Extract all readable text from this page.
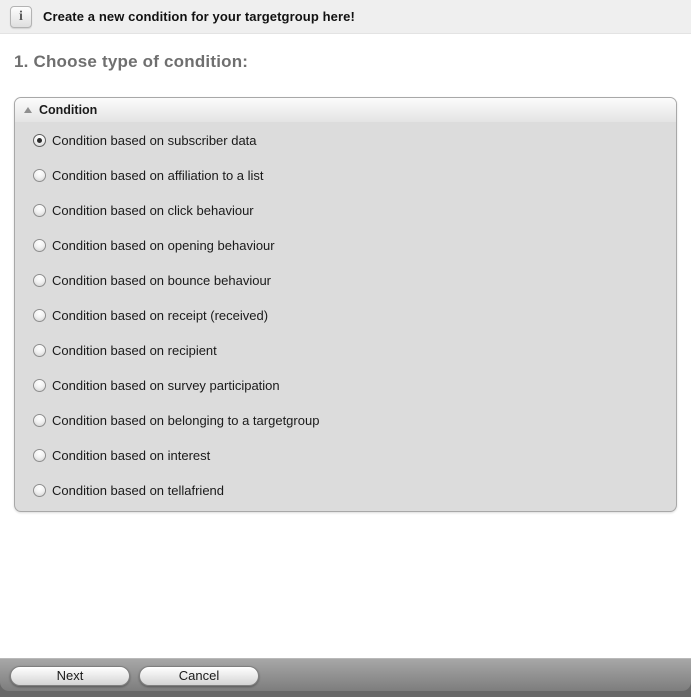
i	Create a new condition for your targetgroup here!
1. Choose type of condition:
Condition
Condition based on subscriber data
Condition based on affiliation to a list
Condition based on click behaviour
Condition based on opening behaviour
Condition based on bounce behaviour
Condition based on receipt (received)
Condition based on recipient
Condition based on survey participation
Condition based on belonging to a targetgroup
Condition based on interest
Condition based on tellafriend
Next	Cancel
